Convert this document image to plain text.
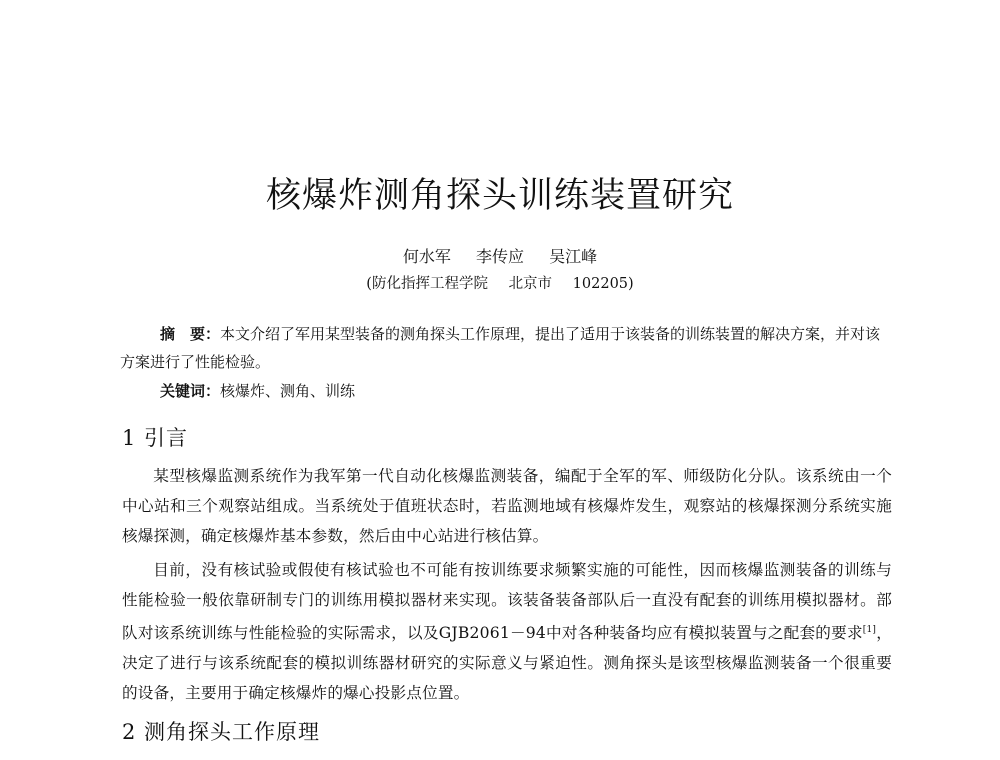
核爆炸测角探头训练装置研究
何水军 李传应 吴江峰
(防化指挥工程学院 北京市 102205)
摘　要：本文介绍了军用某型装备的测角探头工作原理，提出了适用于该装备的训练装置的解决方案，并对该方案进行了性能检验。
关键词：核爆炸、测角、训练
1 引言
某型核爆监测系统作为我军第一代自动化核爆监测装备，编配于全军的军、师级防化分队。该系统由一个中心站和三个观察站组成。当系统处于值班状态时，若监测地域有核爆炸发生，观察站的核爆探测分系统实施核爆探测，确定核爆炸基本参数，然后由中心站进行核估算。
目前，没有核试验或假使有核试验也不可能有按训练要求频繁实施的可能性，因而核爆监测装备的训练与性能检验一般依靠研制专门的训练用模拟器材来实现。该装备装备部队后一直没有配套的训练用模拟器材。部队对该系统训练与性能检验的实际需求，以及GJB2061－94中对各种装备均应有模拟装置与之配套的要求[1]，决定了进行与该系统配套的模拟训练器材研究的实际意义与紧迫性。测角探头是该型核爆监测装备一个很重要的设备，主要用于确定核爆炸的爆心投影点位置。
2 测角探头工作原理
